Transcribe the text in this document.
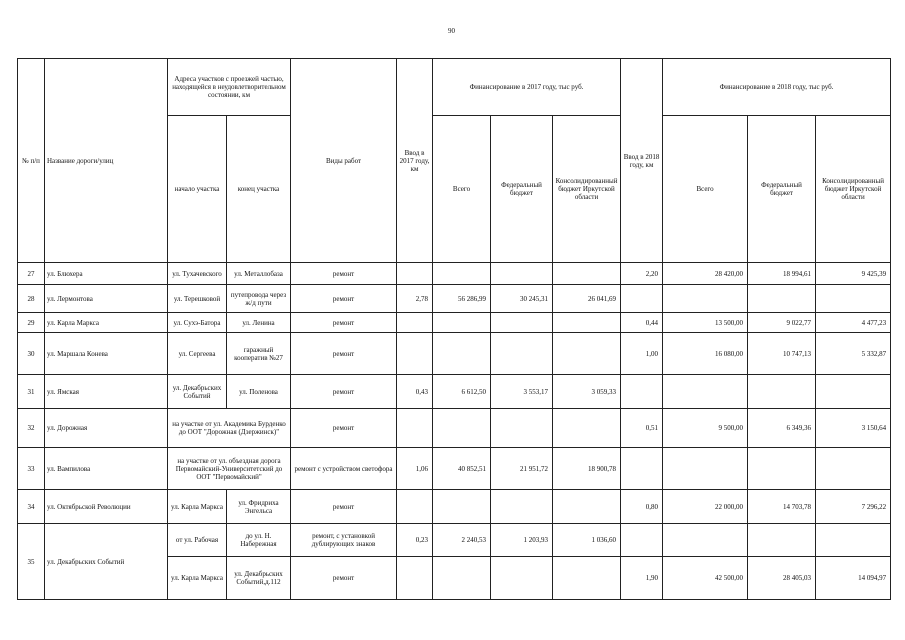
90
№ п/п	Название дороги/улиц	Адреса участков с проезжей частью, находящейся в неудовлетворительном состоянии, км		Виды работ	Ввод в 2017 году, км	Финансирование в 2017 году, тыс руб.			Ввод в 2018 году, км	Финансирование в 2018 году, тыс руб.		
		начало участка	конец участка			Всего	Федеральный бюджет	Консолидированный бюджет Иркутской области		Всего	Федеральный бюджет	Консолидированный бюджет Иркутской области
27	ул. Блюхера	ул. Тухачевского	ул. Металлобаза	ремонт					2,20	28 420,00	18 994,61	9 425,39
28	ул. Лермонтова	ул. Терешковой	путепровода через ж/д пути	ремонт	2,78	56 286,99	30 245,31	26 041,69				
29	ул. Карла Маркса	ул. Сухэ-Батора	ул. Ленина	ремонт					0,44	13 500,00	9 022,77	4 477,23
30	ул. Маршала Конева	ул. Сергеева	гаражный кооператив №27	ремонт					1,00	16 080,00	10 747,13	5 332,87
31	ул. Ямская	ул. Декабрьских Событий	ул. Поленова	ремонт	0,43	6 612,50	3 553,17	3 059,33				
32	ул. Дорожная	на участке от ул. Академика Бурденко до ООТ "Дорожная (Дзержинск)"		ремонт					0,51	9 500,00	6 349,36	3 150,64
33	ул. Вампилова	на участке от ул. объездная дорога Первомайский-Университетский до ООТ "Первомайский"		ремонт с устройством светофора	1,06	40 852,51	21 951,72	18 900,78				
34	ул. Октябрьской Революции	ул. Карла Маркса	ул. Фридриха Энгельса	ремонт					0,80	22 000,00	14 703,78	7 296,22
35	ул. Декабрьских Событий	от ул. Рабочая	до ул. Н. Набережная	ремонт, с установкой дублирующих знаков	0,23	2 240,53	1 203,93	1 036,60				
		ул. Карла Маркса	ул. Декабрьских Событий,д.112	ремонт					1,90	42 500,00	28 405,03	14 094,97
